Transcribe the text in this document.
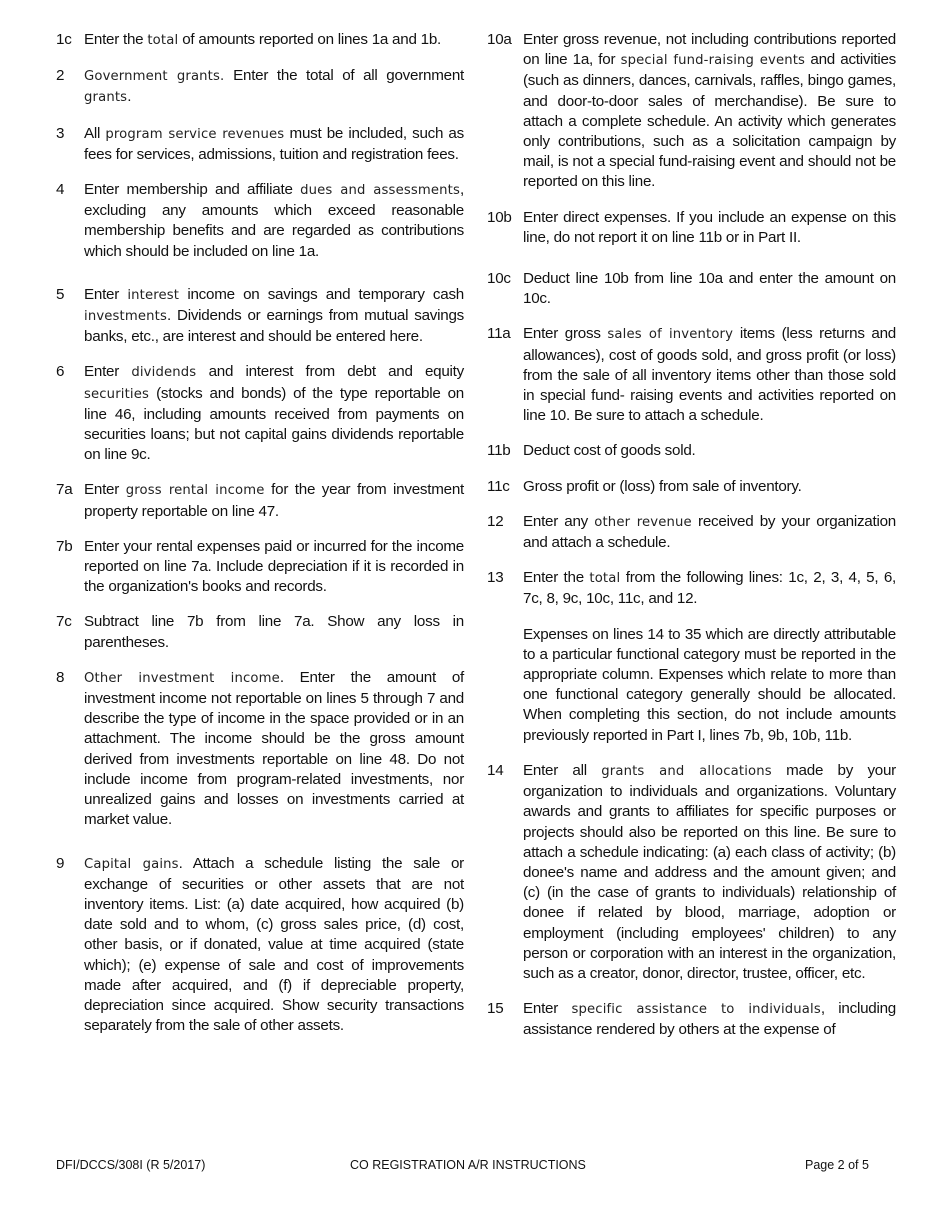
1c Enter the total of amounts reported on lines 1a and 1b.
2	Government grants. Enter the total of all government grants.
3	All program service revenues must be included, such as fees for services, admissions, tuition and registration fees.
4	Enter membership and affiliate dues and assessments, excluding any amounts which exceed reasonable membership benefits and are regarded as contributions which should be included on line 1a.
5	Enter interest income on savings and temporary cash investments. Dividends or earnings from mutual savings banks, etc., are interest and should be entered here.
6	Enter dividends and interest from debt and equity securities (stocks and bonds) of the type reportable on line 46, including amounts received from payments on securities loans; but not capital gains dividends reportable on line 9c.
7a Enter gross rental income for the year from investment property reportable on line 47.
7b Enter your rental expenses paid or incurred for the income reported on line 7a. Include depreciation if it is recorded in the organization's books and records.
7c Subtract line 7b from line 7a. Show any loss in parentheses.
8	Other investment income. Enter the amount of investment income not reportable on lines 5 through 7 and describe the type of income in the space provided or in an attachment. The income should be the gross amount derived from investments reportable on line 48. Do not include income from program-related investments, nor unrealized gains and losses on investments carried at market value.
9	Capital gains. Attach a schedule listing the sale or exchange of securities or other assets that are not inventory items. List: (a) date acquired, how acquired (b) date sold and to whom, (c) gross sales price, (d) cost, other basis, or if donated, value at time acquired (state which); (e) expense of sale and cost of improvements made after acquired, and (f) if depreciable property, depreciation since acquired. Show security transactions separately from the sale of other assets.
10a Enter gross revenue, not including contributions reported on line 1a, for special fund-raising events and activities (such as dinners, dances, carnivals, raffles, bingo games, and door-to-door sales of merchandise). Be sure to attach a complete schedule. An activity which generates only contributions, such as a solicitation campaign by mail, is not a special fund-raising event and should not be reported on this line.
10b Enter direct expenses. If you include an expense on this line, do not report it on line 11b or in Part II.
10c Deduct line 10b from line 10a and enter the amount on 10c.
11a Enter gross sales of inventory items (less returns and allowances), cost of goods sold, and gross profit (or loss) from the sale of all inventory items other than those sold in special fund- raising events and activities reported on line 10. Be sure to attach a schedule.
11b Deduct cost of goods sold.
11c Gross profit or (loss) from sale of inventory.
12	Enter any other revenue received by your organization and attach a schedule.
13	Enter the total from the following lines: 1c, 2, 3, 4, 5, 6, 7c, 8, 9c, 10c, 11c, and 12.

Expenses on lines 14 to 35 which are directly attributable to a particular functional category must be reported in the appropriate column. Expenses which relate to more than one functional category generally should be allocated. When completing this section, do not include amounts previously reported in Part I, lines 7b, 9b, 10b, 11b.

14	Enter all grants and allocations made by your organization to individuals and organizations. Voluntary awards and grants to affiliates for specific purposes or projects should also be reported on this line. Be sure to attach a schedule indicating: (a) each class of activity; (b) donee's name and address and the amount given; and (c) (in the case of grants to individuals) relationship of donee if related by blood, marriage, adoption or employment (including employees' children) to any person or corporation with an interest in the organization, such as a creator, donor, director, trustee, officer, etc.
15	Enter specific assistance to individuals, including assistance rendered by others at the expense of
DFI/DCCS/308I (R 5/2017)	CO REGISTRATION A/R INSTRUCTIONS	Page 2 of 5
